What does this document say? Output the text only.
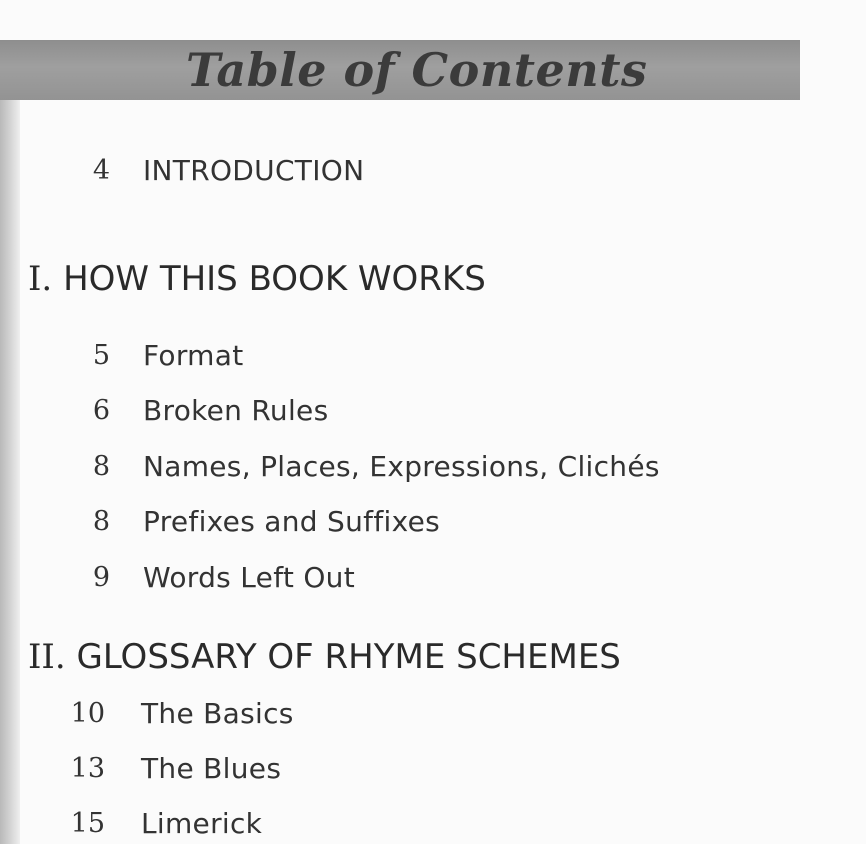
Table of Contents
4 INTRODUCTION
I. HOW THIS BOOK WORKS
5 Format
6 Broken Rules
8 Names, Places, Expressions, Clichés
8 Prefixes and Suffixes
9 Words Left Out
II. GLOSSARY OF RHYME SCHEMES
10 The Basics
13 The Blues
15 Limerick
